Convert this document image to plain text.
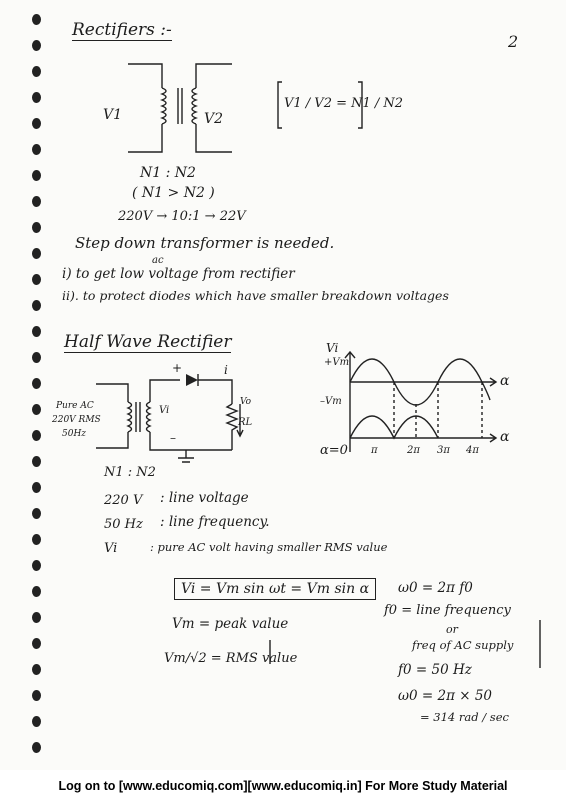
2
Rectifiers :-
V1	V2
V1 / V2 = N1 / N2
N1 : N2
( N1 > N2 )
220V → 10:1 → 22V
Step down transformer is needed.
ac
i) to get low voltage from rectifier
ii). to protect diodes which have smaller breakdown voltages
Half Wave Rectifier
Pure AC
220V RMS
50Hz
Vi
Vo
RL
+
–
i
N1 : N2
Vi
+Vm
–Vm
α
α
α=0 π	2π 3π 4π
220 V : line voltage
50 Hz : line frequency.
Vi	: pure AC volt having smaller RMS value
Vi = Vm sin ωt = Vm sin α
Vm = peak value
Vm/√2 = RMS value
ω0 = 2π f0
f0 = line frequency
or
freq of AC supply
f0 = 50 Hz
ω0 = 2π × 50
= 314 rad / sec
Log on to [www.educomiq.com][www.educomiq.in] For More Study Material
